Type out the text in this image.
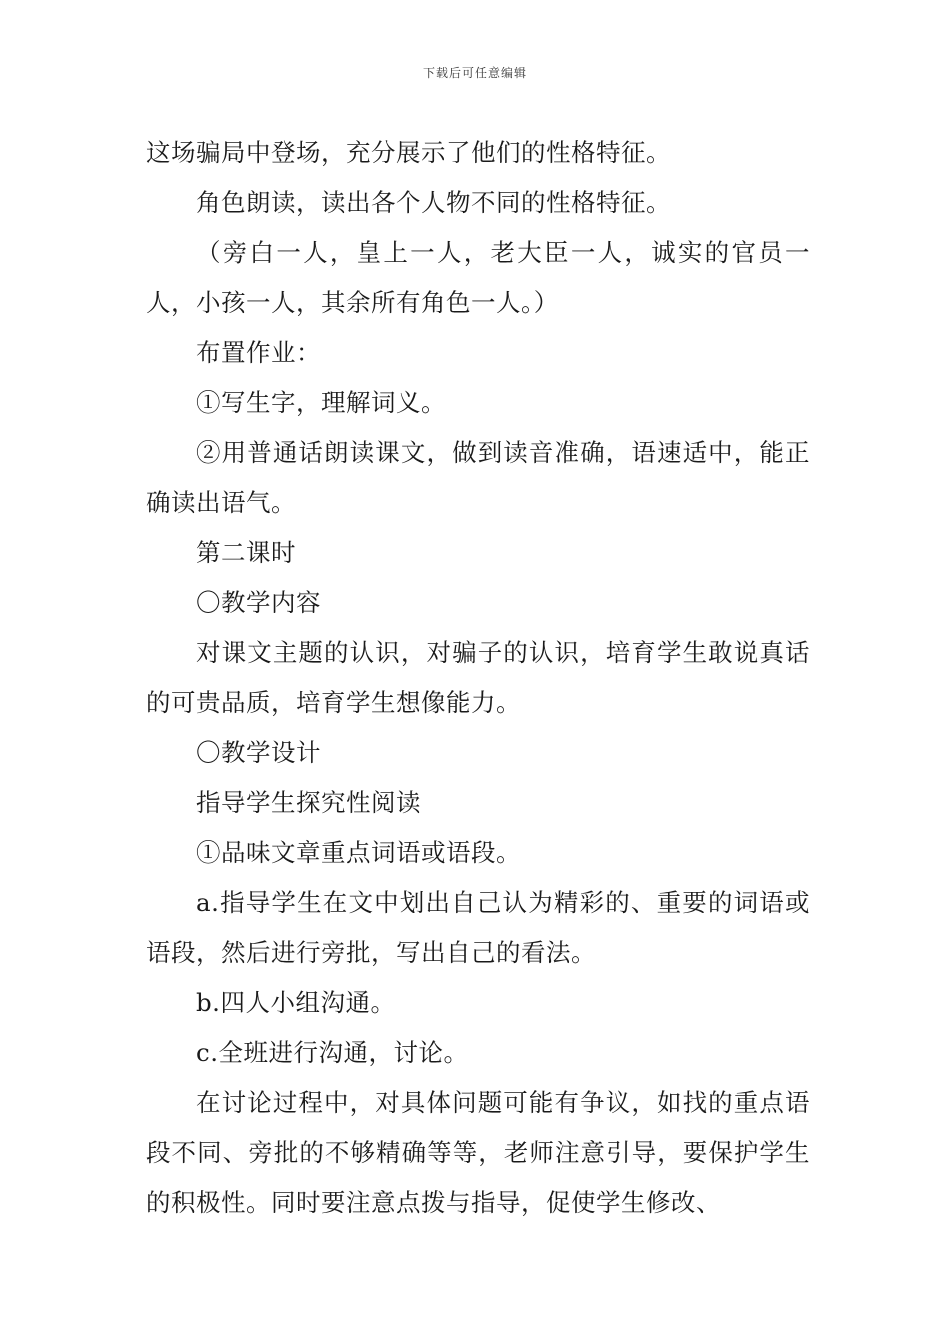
下载后可任意编辑

这场骗局中登场，充分展示了他们的性格特征。

角色朗读，读出各个人物不同的性格特征。

（旁白一人，皇上一人，老大臣一人，诚实的官员一人，小孩一人，其余所有角色一人。）

布置作业：

①写生字，理解词义。

②用普通话朗读课文，做到读音准确，语速适中，能正确读出语气。

第二课时

〇教学内容

对课文主题的认识，对骗子的认识，培育学生敢说真话的可贵品质，培育学生想像能力。

〇教学设计

指导学生探究性阅读

①品味文章重点词语或语段。

a.指导学生在文中划出自己认为精彩的、重要的词语或语段，然后进行旁批，写出自己的看法。

b.四人小组沟通。

c.全班进行沟通，讨论。

在讨论过程中，对具体问题可能有争议，如找的重点语段不同、旁批的不够精确等等，老师注意引导，要保护学生的积极性。同时要注意点拨与指导，促使学生修改、
